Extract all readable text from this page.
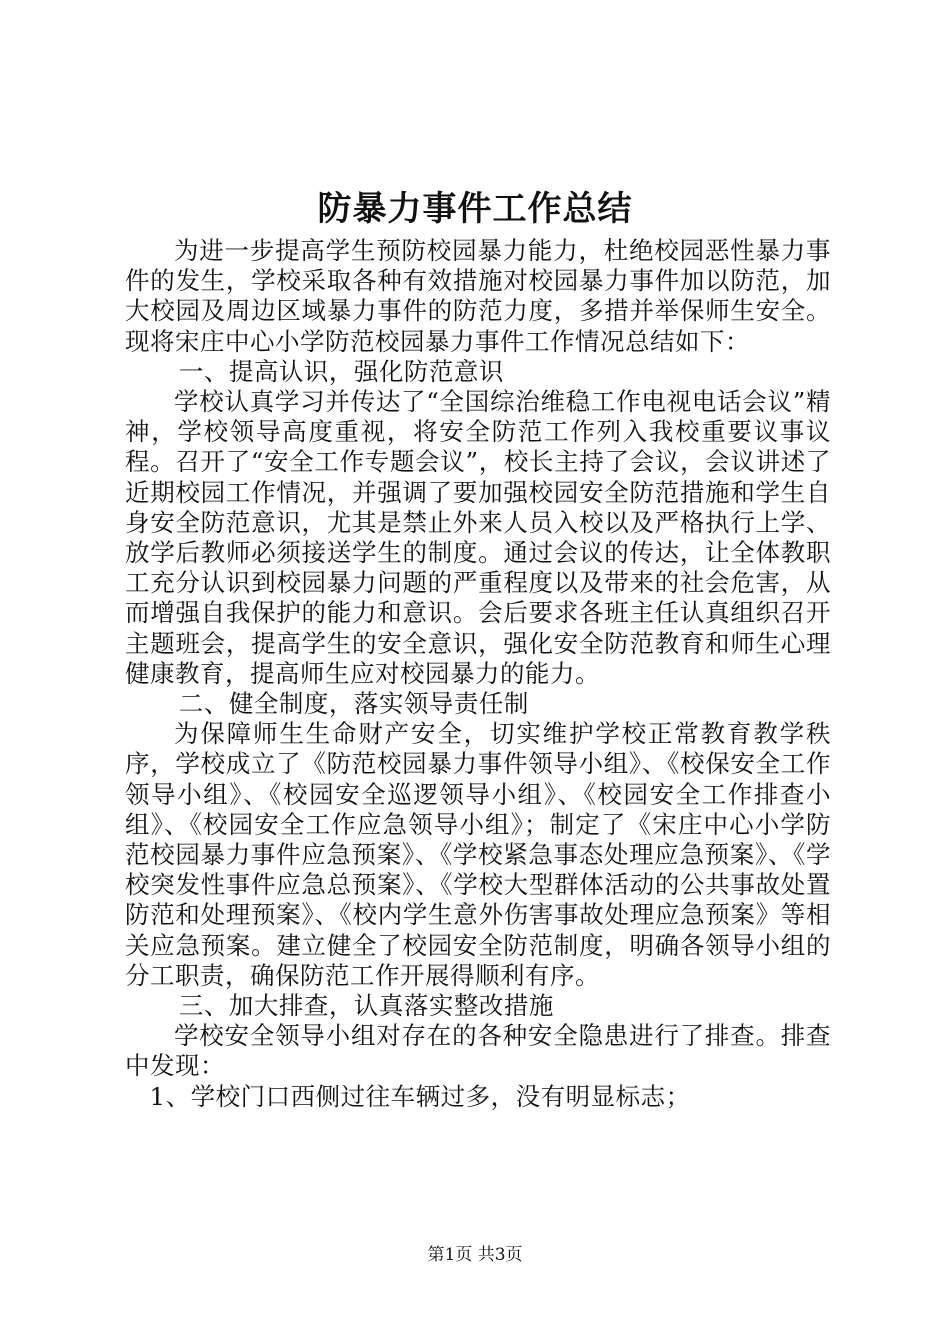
防暴力事件工作总结

为进一步提高学生预防校园暴力能力，杜绝校园恶性暴力事件的发生，学校采取各种有效措施对校园暴力事件加以防范，加大校园及周边区域暴力事件的防范力度，多措并举保师生安全。现将宋庄中心小学防范校园暴力事件工作情况总结如下：

一、提高认识，强化防范意识

学校认真学习并传达了“全国综治维稳工作电视电话会议”精神，学校领导高度重视，将安全防范工作列入我校重要议事议程。召开了“安全工作专题会议”，校长主持了会议，会议讲述了近期校园工作情况，并强调了要加强校园安全防范措施和学生自身安全防范意识，尤其是禁止外来人员入校以及严格执行上学、放学后教师必须接送学生的制度。通过会议的传达，让全体教职工充分认识到校园暴力问题的严重程度以及带来的社会危害，从而增强自我保护的能力和意识。会后要求各班主任认真组织召开主题班会，提高学生的安全意识，强化安全防范教育和师生心理健康教育，提高师生应对校园暴力的能力。

二、健全制度，落实领导责任制

为保障师生生命财产安全，切实维护学校正常教育教学秩序，学校成立了《防范校园暴力事件领导小组》、《校保安全工作领导小组》、《校园安全巡逻领导小组》、《校园安全工作排查小组》、《校园安全工作应急领导小组》；制定了《宋庄中心小学防范校园暴力事件应急预案》、《学校紧急事态处理应急预案》、《学校突发性事件应急总预案》、《学校大型群体活动的公共事故处置防范和处理预案》、《校内学生意外伤害事故处理应急预案》等相关应急预案。建立健全了校园安全防范制度，明确各领导小组的分工职责，确保防范工作开展得顺利有序。

三、加大排查，认真落实整改措施

学校安全领导小组对存在的各种安全隐患进行了排查。排查中发现：

1、学校门口西侧过往车辆过多，没有明显标志；

第1页 共3页
